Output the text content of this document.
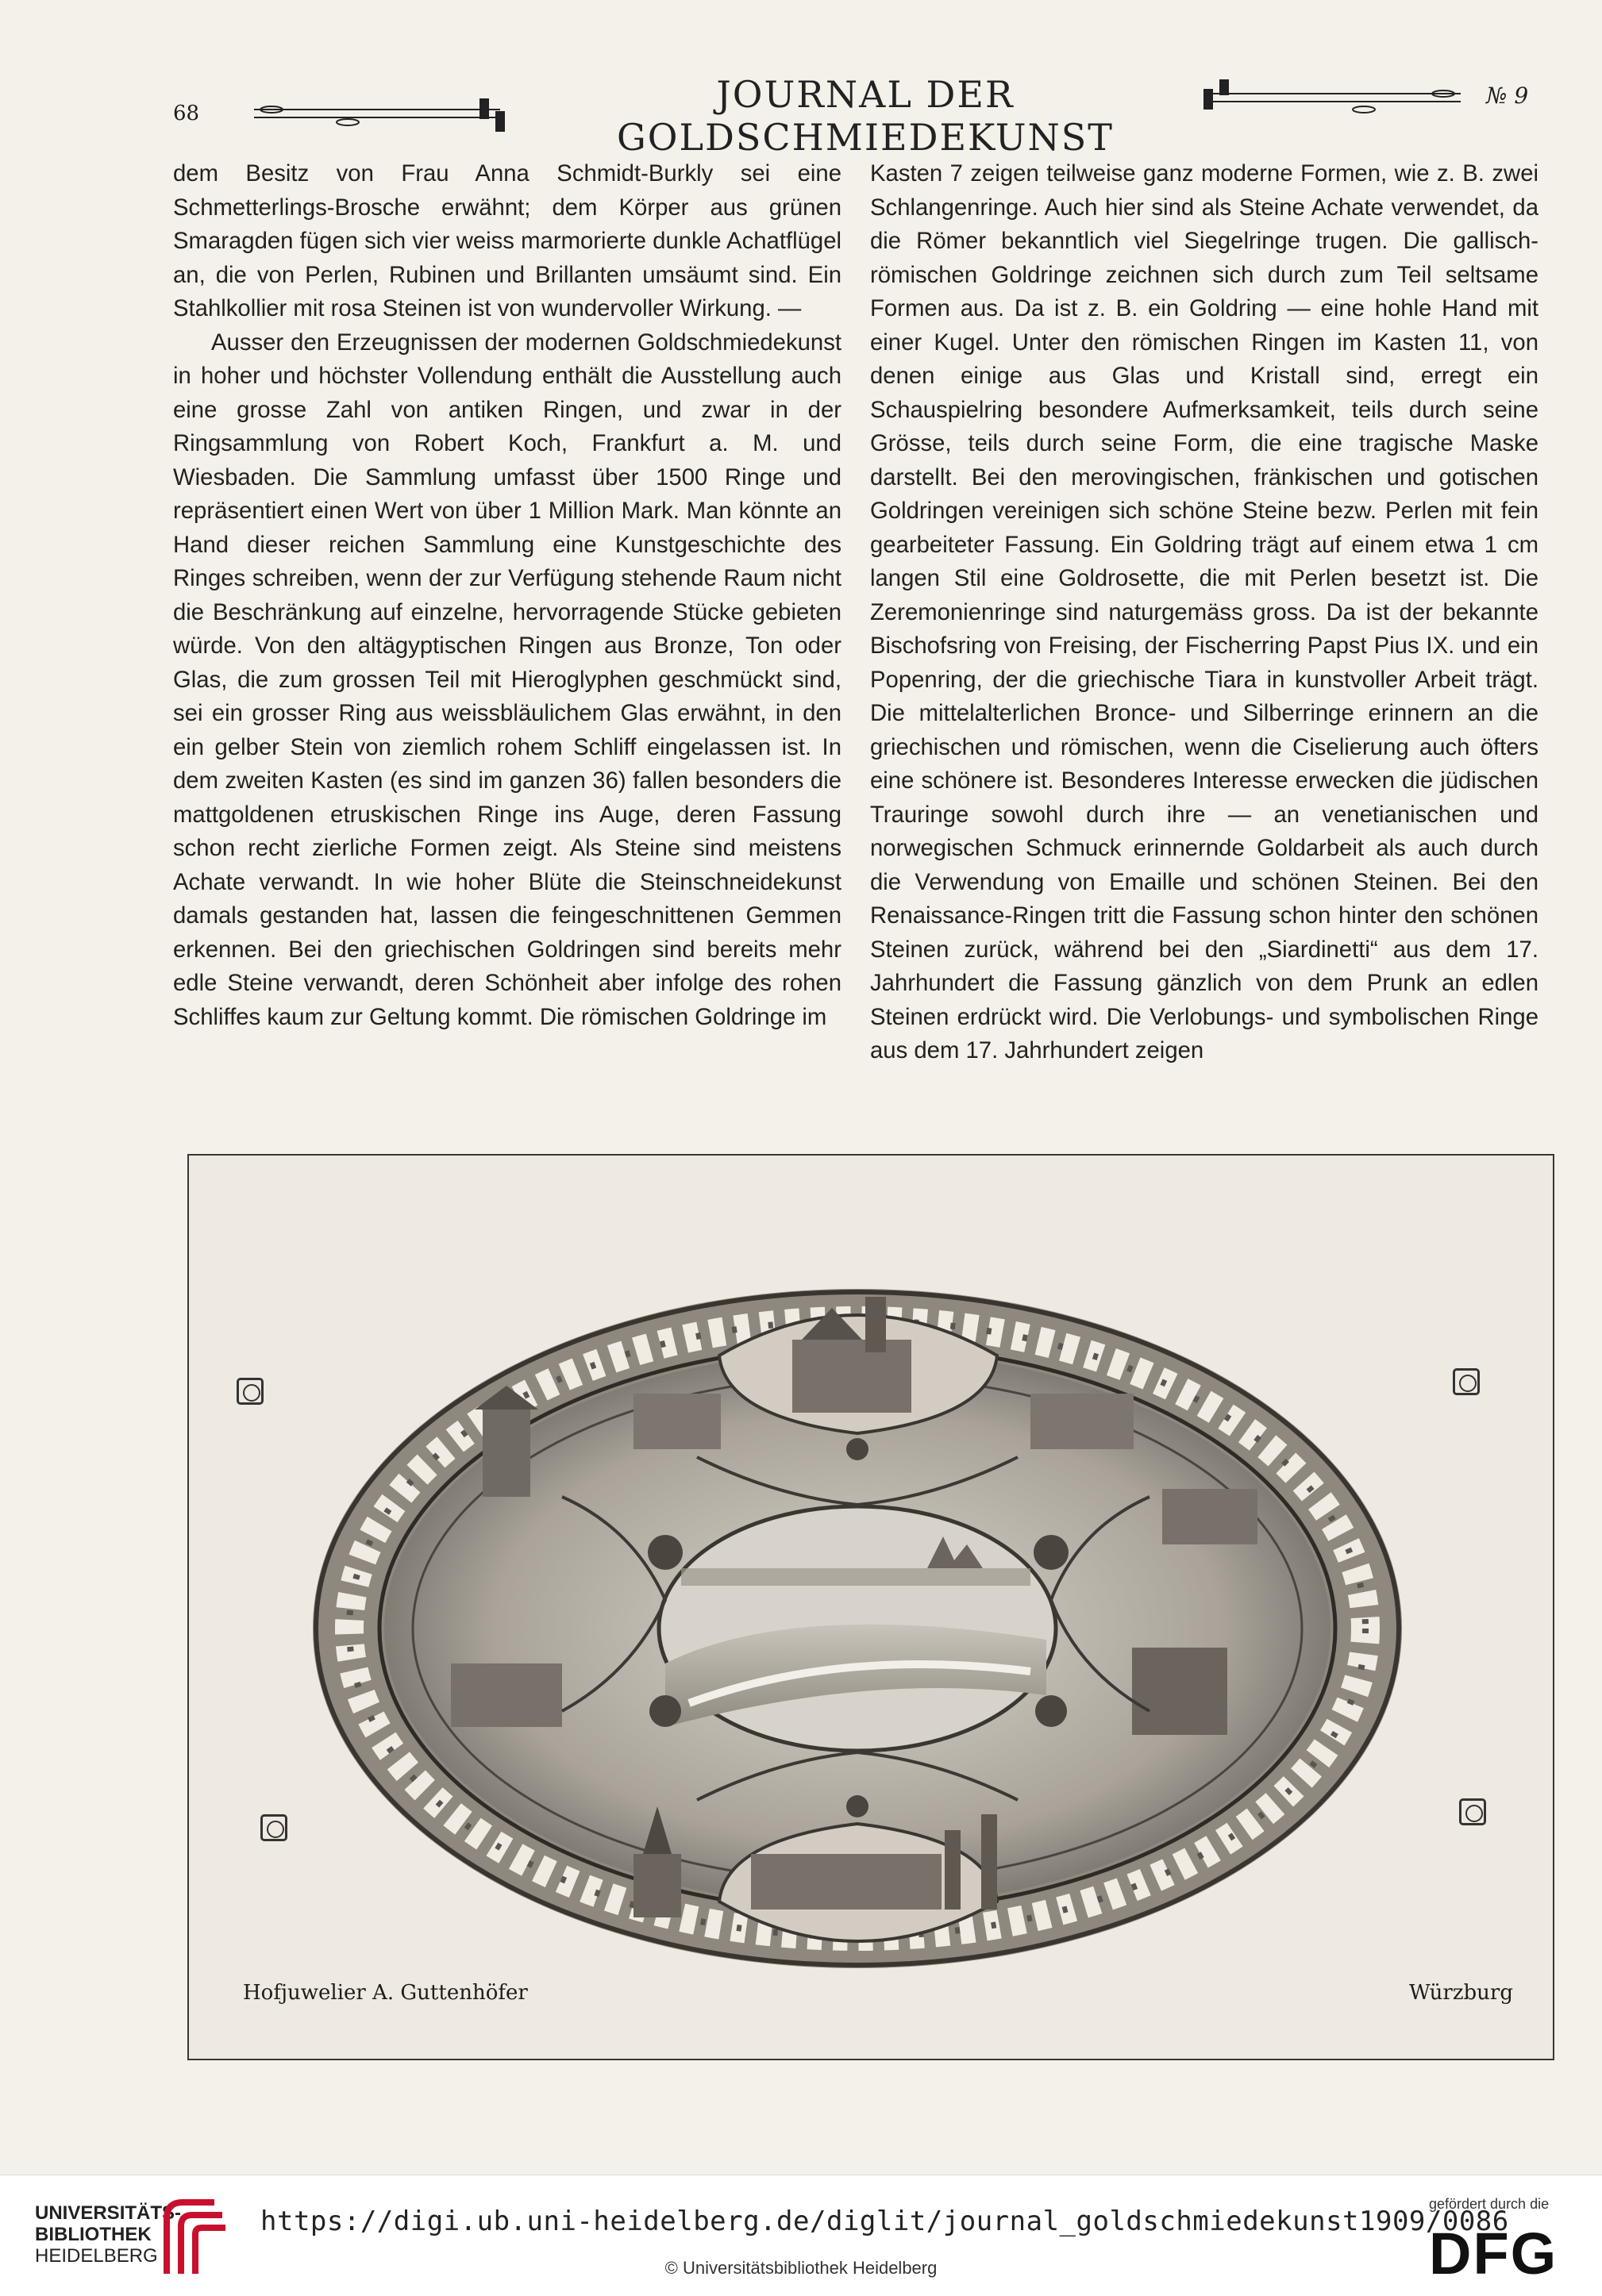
68	JOURNAL DER GOLDSCHMIEDEKUNST
№ 9

dem Besitz von Frau Anna Schmidt-Burkly sei eine Schmetterlings-Brosche erwähnt; dem Körper aus grünen Smaragden fügen sich vier weiss marmorierte dunkle Achatflügel an, die von Perlen, Rubinen und Brillanten umsäumt sind. Ein Stahlkollier mit rosa Steinen ist von wundervoller Wirkung. —

Ausser den Erzeugnissen der modernen Goldschmiedekunst in hoher und höchster Vollendung enthält die Ausstellung auch eine grosse Zahl von antiken Ringen, und zwar in der Ringsammlung von Robert Koch, Frankfurt a. M. und Wiesbaden. Die Sammlung umfasst über 1500 Ringe und repräsentiert einen Wert von über 1 Million Mark. Man könnte an Hand dieser reichen Sammlung eine Kunstgeschichte des Ringes schreiben, wenn der zur Verfügung stehende Raum nicht die Beschränkung auf einzelne, hervorragende Stücke gebieten würde. Von den altägyptischen Ringen aus Bronze, Ton oder Glas, die zum grossen Teil mit Hieroglyphen geschmückt sind, sei ein grosser Ring aus weissbläulichem Glas erwähnt, in den ein gelber Stein von ziemlich rohem Schliff eingelassen ist. In dem zweiten Kasten (es sind im ganzen 36) fallen besonders die mattgoldenen etruskischen Ringe ins Auge, deren Fassung schon recht zierliche Formen zeigt. Als Steine sind meistens Achate verwandt. In wie hoher Blüte die Steinschneidekunst damals gestanden hat, lassen die feingeschnittenen Gemmen erkennen. Bei den griechischen Goldringen sind bereits mehr edle Steine verwandt, deren Schönheit aber infolge des rohen Schliffes kaum zur Geltung kommt. Die römischen Goldringe im

Kasten 7 zeigen teilweise ganz moderne Formen, wie z. B. zwei Schlangenringe. Auch hier sind als Steine Achate verwendet, da die Römer bekanntlich viel Siegelringe trugen. Die gallisch-römischen Goldringe zeichnen sich durch zum Teil seltsame Formen aus. Da ist z. B. ein Goldring — eine hohle Hand mit einer Kugel. Unter den römischen Ringen im Kasten 11, von denen einige aus Glas und Kristall sind, erregt ein Schauspielring besondere Aufmerksamkeit, teils durch seine Grösse, teils durch seine Form, die eine tragische Maske darstellt. Bei den merovingischen, fränkischen und gotischen Goldringen vereinigen sich schöne Steine bezw. Perlen mit fein gearbeiteter Fassung. Ein Goldring trägt auf einem etwa 1 cm langen Stil eine Goldrosette, die mit Perlen besetzt ist. Die Zeremonienringe sind naturgemäss gross. Da ist der bekannte Bischofsring von Freising, der Fischerring Papst Pius IX. und ein Popenring, der die griechische Tiara in kunstvoller Arbeit trägt. Die mittelalterlichen Bronce- und Silberringe erinnern an die griechischen und römischen, wenn die Ciselierung auch öfters eine schönere ist. Besonderes Interesse erwecken die jüdischen Trauringe sowohl durch ihre — an venetianischen und norwegischen Schmuck erinnernde Goldarbeit als auch durch die Verwendung von Emaille und schönen Steinen. Bei den Renaissance-Ringen tritt die Fassung schon hinter den schönen Steinen zurück, während bei den „Siardinetti“ aus dem 17. Jahrhundert die Fassung gänzlich von dem Prunk an edlen Steinen erdrückt wird. Die Verlobungs- und symbolischen Ringe aus dem 17. Jahrhundert zeigen

Hofjuwelier A. Guttenhöfer	Würzburg
UNIVERSITÄTS-
BIBLIOTHEK
HEIDELBERG
https://digi.ub.uni-heidelberg.de/diglit/journal_goldschmiedekunst1909/0086
© Universitätsbibliothek Heidelberg
gefördert durch die
DFG
